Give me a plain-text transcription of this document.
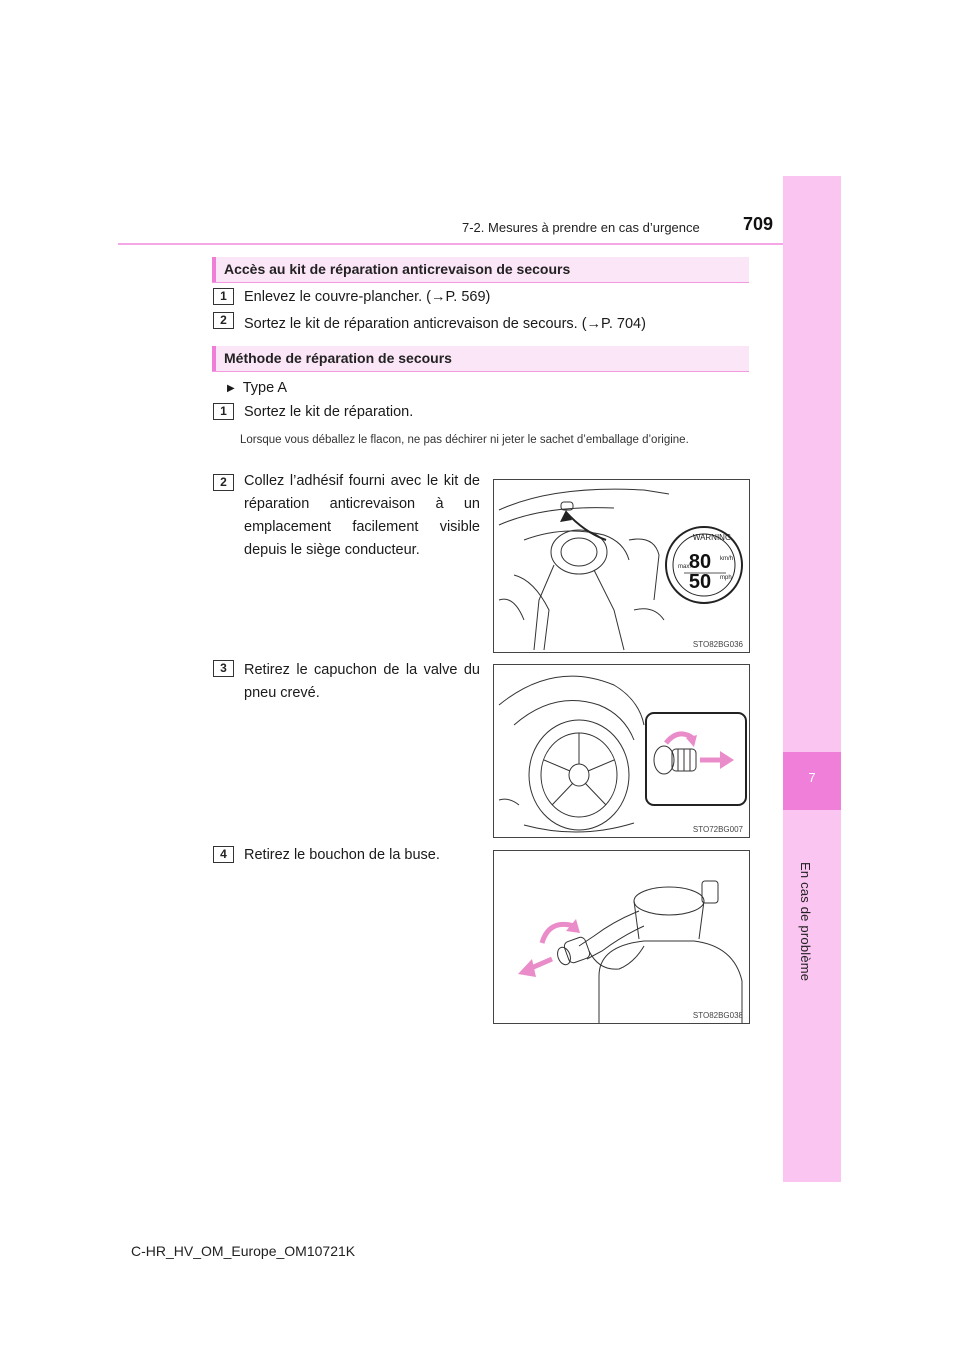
7-2. Mesures à prendre en cas d’urgence 709
7
En cas de problème
Accès au kit de réparation anticrevaison de secours
1	Enlevez le couvre-plancher. (→P. 569)
2	Sortez le kit de réparation anticrevaison de secours. (→P. 704)
Méthode de réparation de secours
▶ Type A
1	Sortez le kit de réparation.
Lorsque vous déballez le flacon, ne pas déchirer ni jeter le sachet d’emballage d’origine.
2	Collez l’adhésif fourni avec le kit de réparation anticrevaison à un emplacement facilement visible depuis le siège conducteur.
3	Retirez le capuchon de la valve du pneu crevé.
4	Retirez le bouchon de la buse.
WARNING
80
50
km/h
mph
max.
STO82BG036
STO72BG007
STO82BG038
C-HR_HV_OM_Europe_OM10721K
